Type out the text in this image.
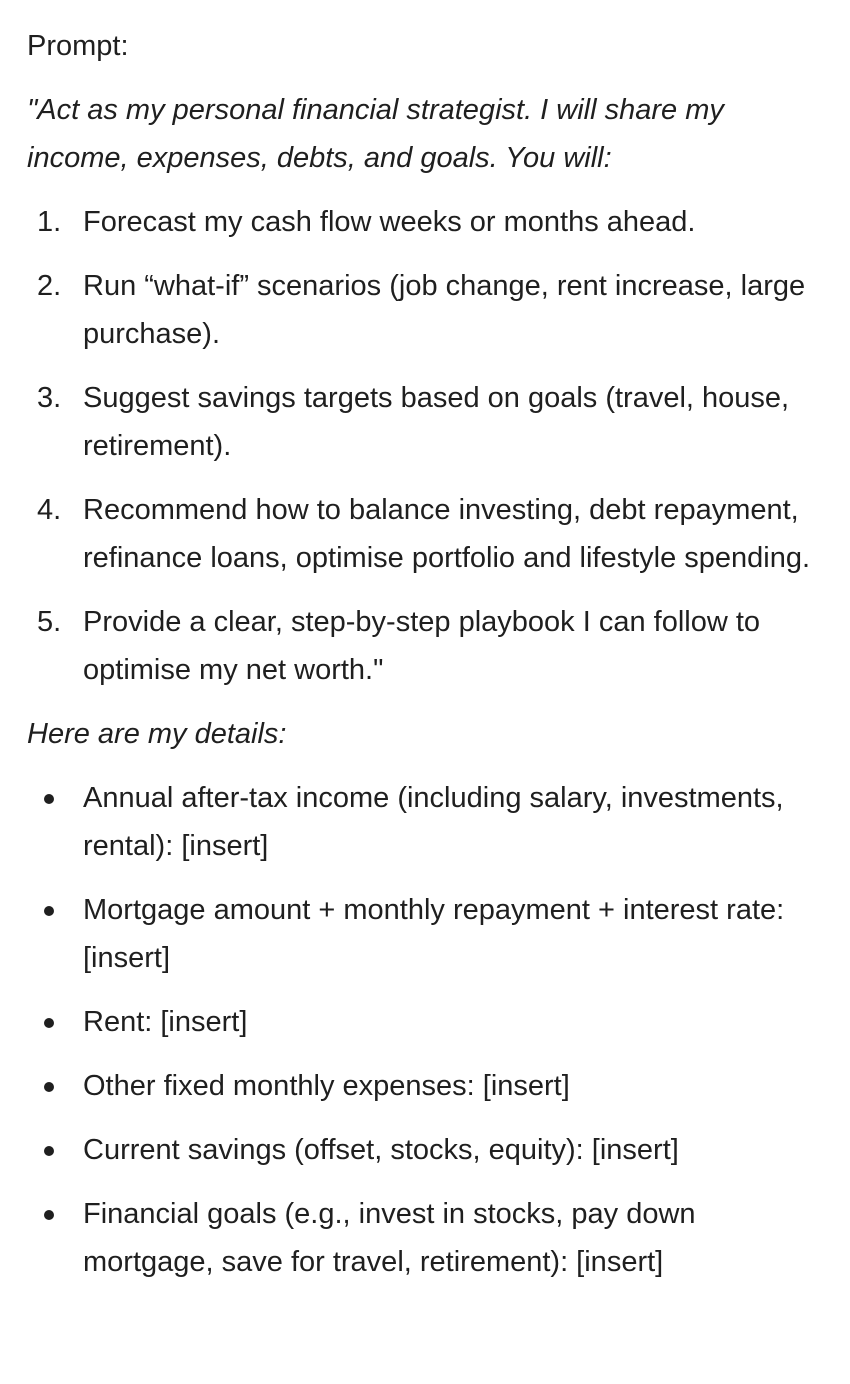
Prompt:

"Act as my personal financial strategist. I will share my income, expenses, debts, and goals. You will:

1. Forecast my cash flow weeks or months ahead.
2. Run “what-if” scenarios (job change, rent increase, large purchase).
3. Suggest savings targets based on goals (travel, house, retirement).
4. Recommend how to balance investing, debt repayment, refinance loans, optimise portfolio and lifestyle spending.
5. Provide a clear, step-by-step playbook I can follow to optimise my net worth."

Here are my details:

Annual after-tax income (including salary, investments, rental): [insert]
Mortgage amount + monthly repayment + interest rate: [insert]
Rent: [insert]
Other fixed monthly expenses: [insert]
Current savings (offset, stocks, equity): [insert]
Financial goals (e.g., invest in stocks, pay down mortgage, save for travel, retirement): [insert]
